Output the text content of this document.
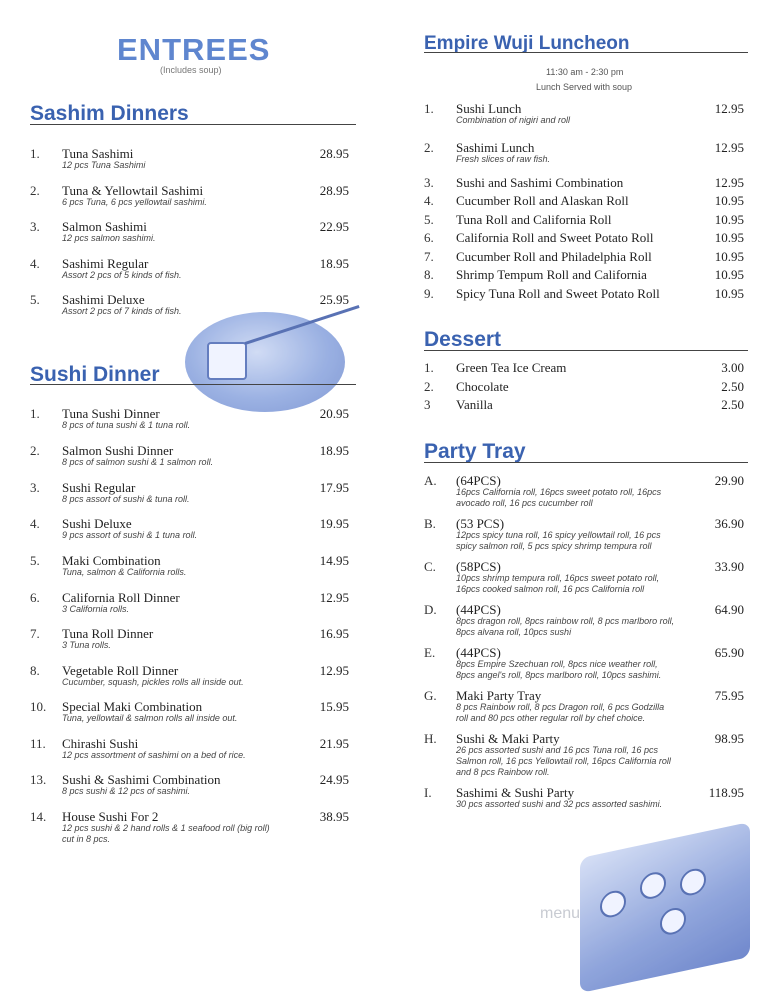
ENTREES
(Includes soup)
Sashim Dinners
1. Tuna Sashimi	28.95
12 pcs Tuna Sashimi
2. Tuna & Yellowtail Sashimi	28.95
6 pcs Tuna, 6 pcs yellowtail sashimi.
3. Salmon Sashimi	22.95
12 pcs salmon sashimi.
4. Sashimi Regular	18.95
Assort 2 pcs of 5 kinds of fish.
5. Sashimi Deluxe	25.95
Assort 2 pcs of 7 kinds of fish.
Sushi Dinner
1. Tuna Sushi Dinner	20.95
8 pcs of tuna sushi & 1 tuna roll.
2. Salmon Sushi Dinner	18.95
8 pcs of salmon sushi & 1 salmon roll.
3. Sushi Regular	17.95
8 pcs assort of sushi & tuna roll.
4. Sushi Deluxe	19.95
9 pcs assort of sushi & 1 tuna roll.
5. Maki Combination	14.95
Tuna, salmon & California rolls.
6. California Roll Dinner	12.95
3 California rolls.
7. Tuna Roll Dinner	16.95
3 Tuna rolls.
8. Vegetable Roll Dinner	12.95
Cucumber, squash, pickles rolls all inside out.
10. Special Maki Combination	15.95
Tuna, yellowtail & salmon rolls all inside out.
11. Chirashi Sushi	21.95
12 pcs assortment of sashimi on a bed of rice.
13. Sushi & Sashimi Combination	24.95
8 pcs sushi & 12 pcs of sashimi.
14. House Sushi For 2	38.95
12 pcs sushi & 2 hand rolls & 1 seafood roll (big roll) cut in 8 pcs.
Empire Wuji Luncheon
11:30 am - 2:30 pm
Lunch Served with soup
1. Sushi Lunch	12.95
Combination of nigiri and roll
2. Sashimi Lunch	12.95
Fresh slices of raw fish.
3. Sushi and Sashimi Combination	12.95
4. Cucumber Roll and Alaskan Roll	10.95
5. Tuna Roll and California Roll	10.95
6. California Roll and Sweet Potato Roll	10.95
7. Cucumber Roll and Philadelphia Roll	10.95
8. Shrimp Tempum Roll and California	10.95
9. Spicy Tuna Roll and Sweet Potato Roll	10.95
Dessert
1. Green Tea Ice Cream	3.00
2. Chocolate	2.50
3 Vanilla	2.50
Party Tray
A. (64PCS)	29.90
16pcs California roll, 16pcs sweet potato roll, 16pcs avocado roll, 16 pcs cucumber roll
B. (53 PCS)	36.90
12pcs spicy tuna roll, 16 spicy yellowtail roll, 16 pcs spicy salmon roll, 5 pcs spicy shrimp tempura roll
C. (58PCS)	33.90
10pcs shrimp tempura roll, 16pcs sweet potato roll, 16pcs cooked salmon roll, 16 pcs California roll
D. (44PCS)	64.90
8pcs dragon roll, 8pcs rainbow roll, 8 pcs marlboro roll, 8pcs alvana roll, 10pcs sushi
E. (44PCS)	65.90
8pcs Empire Szechuan roll, 8pcs nice weather roll, 8pcs angel's roll, 8pcs marlboro roll, 10pcs sashimi.
G. Maki Party Tray	75.95
8 pcs Rainbow roll, 8 pcs Dragon roll, 6 pcs Godzilla roll and 80 pcs other regular roll by chef choice.
H. Sushi & Maki Party	98.95
26 pcs assorted sushi and 16 pcs Tuna roll, 16 pcs Salmon roll, 16 pcs Yellowtail roll, 16pcs California roll and 8 pcs Rainbow roll.
I. Sashimi & Sushi Party	118.95
30 pcs assorted sushi and 32 pcs assorted sashimi.
menu
